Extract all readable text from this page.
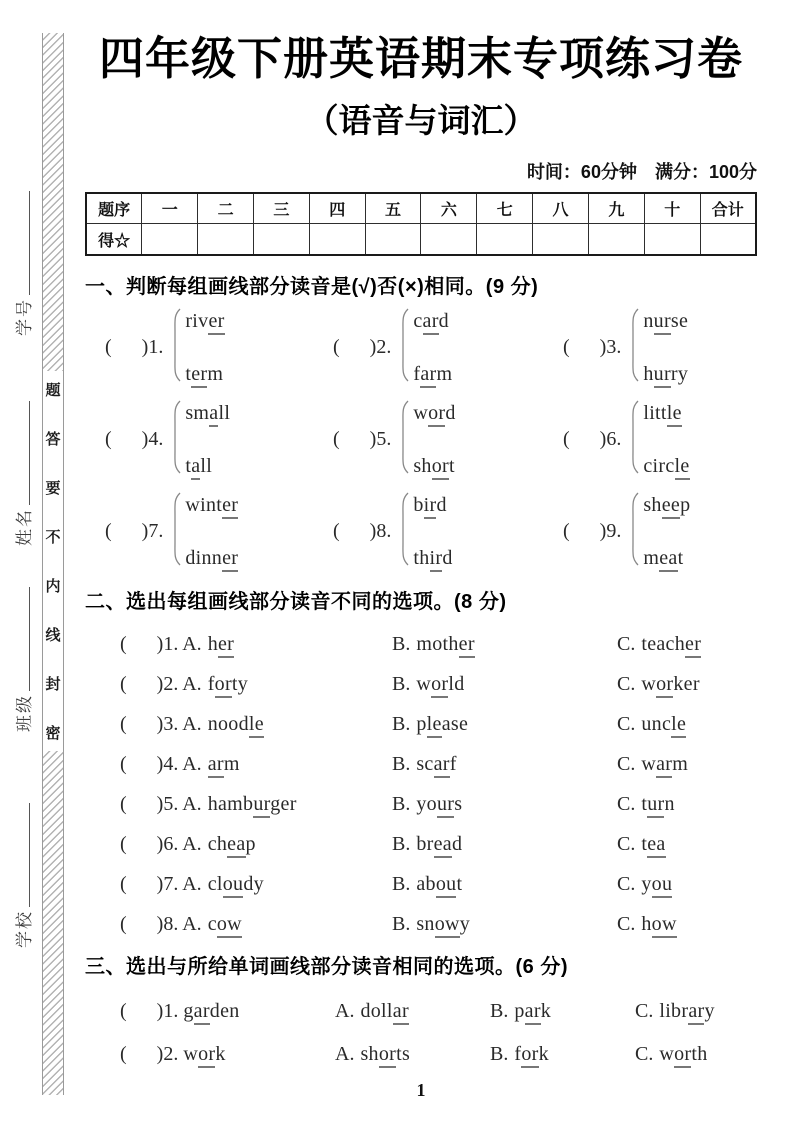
学号
姓名
班级
学校
题
答
要
不
内
线
封
密
四年级下册英语期末专项练习卷
（语音与词汇）
时间：60分钟　满分：100分
题序	一	二	三	四	五	六	七	八	九	十	合计
得☆											
一、判断每组画线部分读音是(√)否(×)相同。(9 分)
( )1.
river
term
( )2.
card
farm
( )3.
nurse
hurry
( )4.
small
tall
( )5.
word
short
( )6.
little
circle
( )7.
winter
dinner
( )8.
bird
third
( )9.
sheep
meat
二、选出每组画线部分读音不同的选项。(8 分)
( )1. A. her	B. mother	C. teacher
( )2. A. forty	B. world	C. worker
( )3. A. noodle	B. please	C. uncle
( )4. A. arm	B. scarf	C. warm
( )5. A. hamburger	B. yours	C. turn
( )6. A. cheap	B. bread	C. tea
( )7. A. cloudy	B. about	C. you
( )8. A. cow	B. snowy	C. how
三、选出与所给单词画线部分读音相同的选项。(6 分)
( )1. garden	A. dollar	B. park	C. library
( )2. work	A. shorts	B. fork	C. worth
1
